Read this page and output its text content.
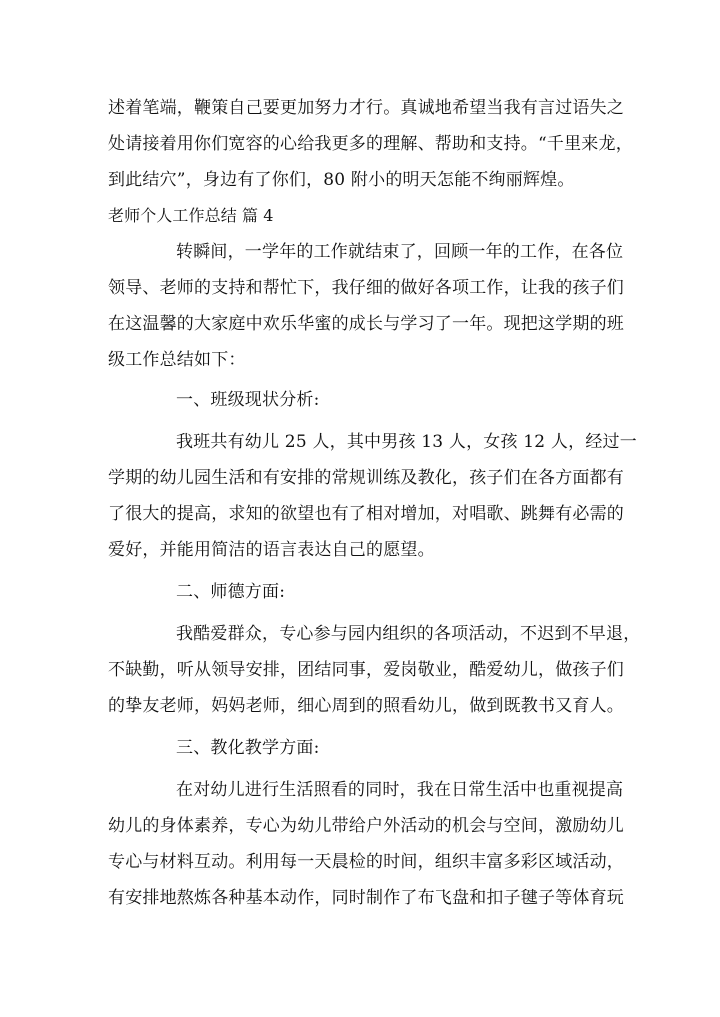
述着笔端，鞭策自己要更加努力才行。真诚地希望当我有言过语失之
处请接着用你们宽容的心给我更多的理解、帮助和支持。“千里来龙，
到此结穴”，身边有了你们，80 附小的明天怎能不绚丽辉煌。
老师个人工作总结 篇 4
转瞬间，一学年的工作就结束了，回顾一年的工作，在各位
领导、老师的支持和帮忙下，我仔细的做好各项工作，让我的孩子们
在这温馨的大家庭中欢乐华蜜的成长与学习了一年。现把这学期的班
级工作总结如下：
一、班级现状分析:
我班共有幼儿 25 人，其中男孩 13 人，女孩 12 人，经过一
学期的幼儿园生活和有安排的常规训练及教化，孩子们在各方面都有
了很大的提高，求知的欲望也有了相对增加，对唱歌、跳舞有必需的
爱好，并能用简洁的语言表达自己的愿望。
二、师德方面:
我酷爱群众，专心参与园内组织的各项活动，不迟到不早退，
不缺勤，听从领导安排，团结同事，爱岗敬业，酷爱幼儿，做孩子们
的挚友老师，妈妈老师，细心周到的照看幼儿，做到既教书又育人。
三、教化教学方面:
在对幼儿进行生活照看的同时，我在日常生活中也重视提高
幼儿的身体素养，专心为幼儿带给户外活动的机会与空间，激励幼儿
专心与材料互动。利用每一天晨检的时间，组织丰富多彩区域活动，
有安排地熬炼各种基本动作，同时制作了布飞盘和扣子毽子等体育玩
